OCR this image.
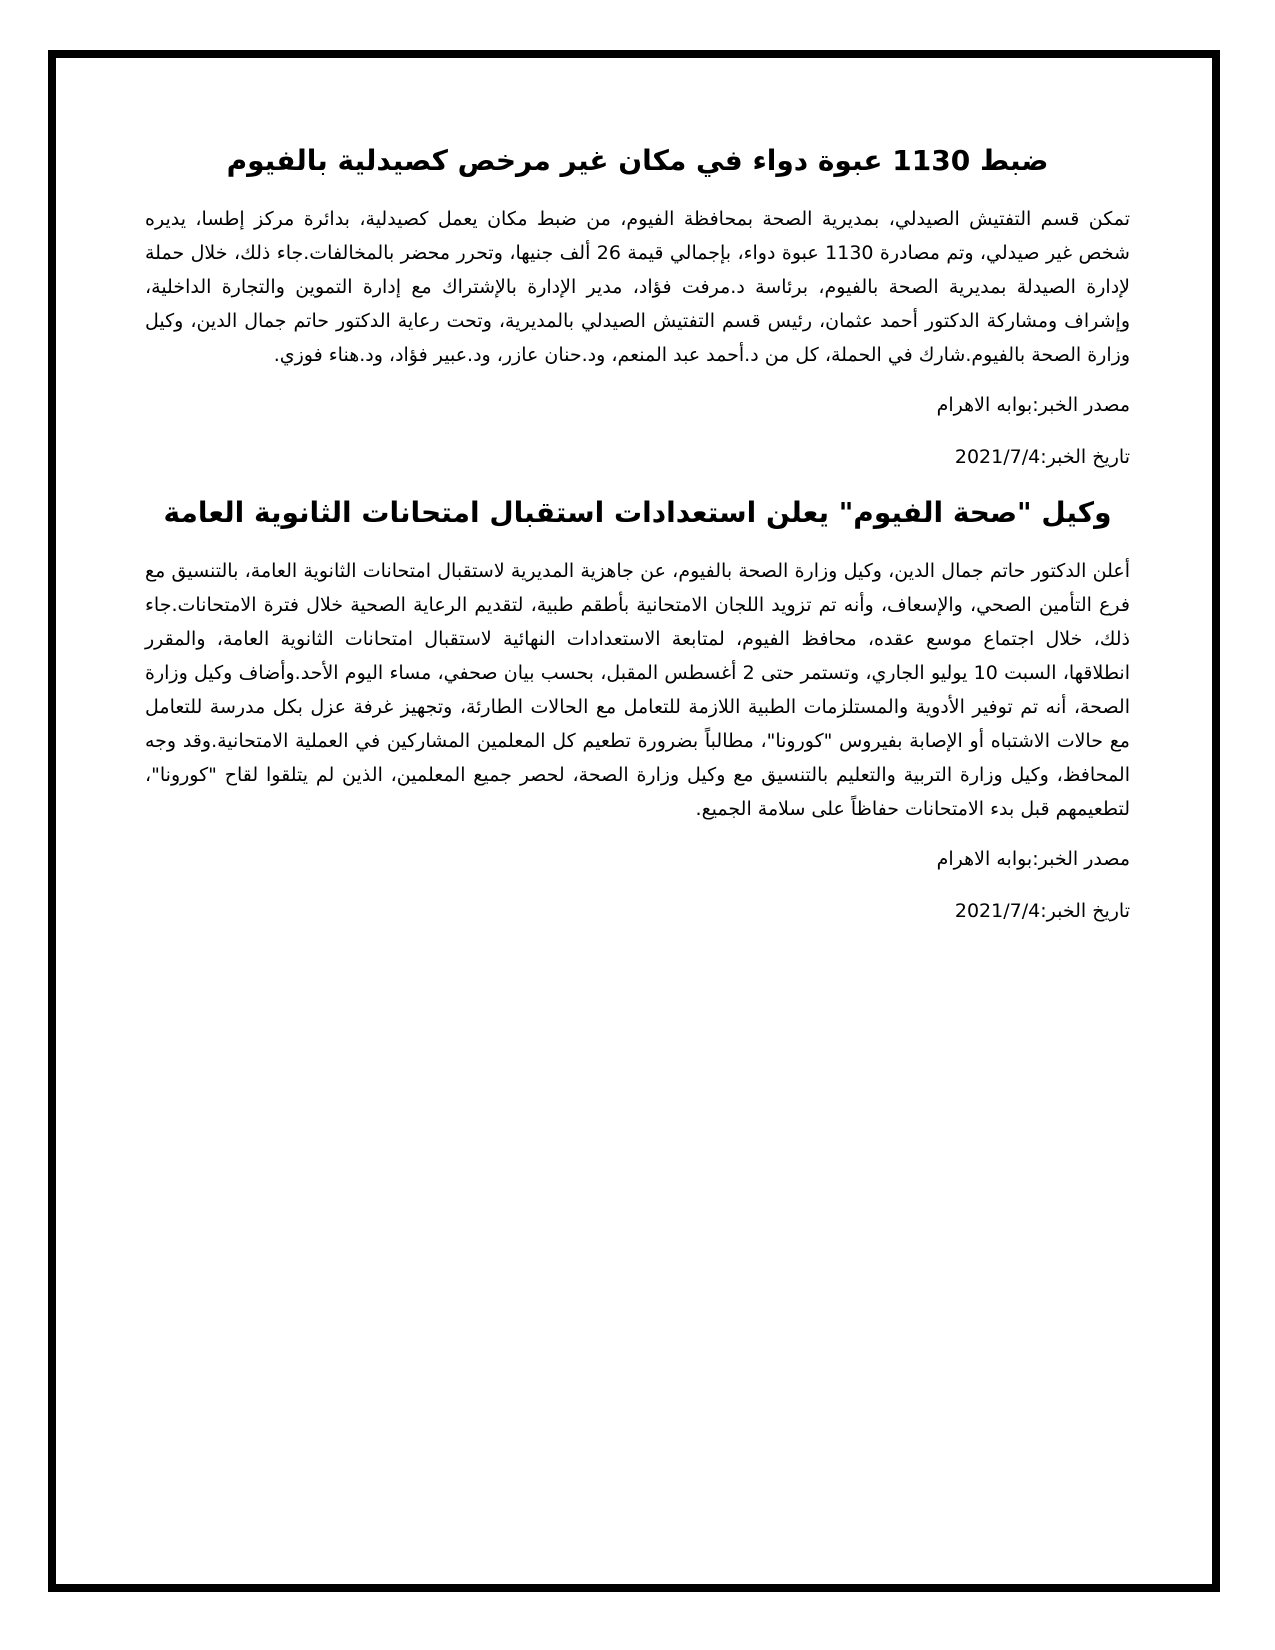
ضبط 1130 عبوة دواء في مكان غير مرخص كصيدلية بالفيوم

تمكن قسم التفتيش الصيدلي، بمديرية الصحة بمحافظة الفيوم، من ضبط مكان يعمل كصيدلية، بدائرة مركز إطسا، يديره شخص غير صيدلي، وتم مصادرة 1130 عبوة دواء، بإجمالي قيمة 26 ألف جنيها، وتحرر محضر بالمخالفات.جاء ذلك، خلال حملة لإدارة الصيدلة بمديرية الصحة بالفيوم، برئاسة د.مرفت فؤاد، مدير الإدارة بالإشتراك مع إدارة التموين والتجارة الداخلية، وإشراف ومشاركة الدكتور أحمد عثمان، رئيس قسم التفتيش الصيدلي بالمديرية، وتحت رعاية الدكتور حاتم جمال الدين، وكيل وزارة الصحة بالفيوم.شارك في الحملة، كل من د.أحمد عبد المنعم، ود.حنان عازر، ود.عبير فؤاد، ود.هناء فوزي.

مصدر الخبر:بوابه الاهرام
تاريخ الخبر:2021/7/4
وكيل "صحة الفيوم" يعلن استعدادات استقبال امتحانات الثانوية العامة

أعلن الدكتور حاتم جمال الدين، وكيل وزارة الصحة بالفيوم، عن جاهزية المديرية لاستقبال امتحانات الثانوية العامة، بالتنسيق مع فرع التأمين الصحي، والإسعاف، وأنه تم تزويد اللجان الامتحانية بأطقم طبية، لتقديم الرعاية الصحية خلال فترة الامتحانات.جاء ذلك، خلال اجتماع موسع عقده، محافظ الفيوم، لمتابعة الاستعدادات النهائية لاستقبال امتحانات الثانوية العامة، والمقرر انطلاقها، السبت 10 يوليو الجاري، وتستمر حتى 2 أغسطس المقبل، بحسب بيان صحفي، مساء اليوم الأحد.وأضاف وكيل وزارة الصحة، أنه تم توفير الأدوية والمستلزمات الطبية اللازمة للتعامل مع الحالات الطارئة، وتجهيز غرفة عزل بكل مدرسة للتعامل مع حالات الاشتباه أو الإصابة بفيروس "كورونا"، مطالباً بضرورة تطعيم كل المعلمين المشاركين في العملية الامتحانية.وقد وجه المحافظ، وكيل وزارة التربية والتعليم بالتنسيق مع وكيل وزارة الصحة، لحصر جميع المعلمين، الذين لم يتلقوا لقاح "كورونا"، لتطعيمهم قبل بدء الامتحانات حفاظاً على سلامة الجميع.

مصدر الخبر:بوابه الاهرام
تاريخ الخبر:2021/7/4
